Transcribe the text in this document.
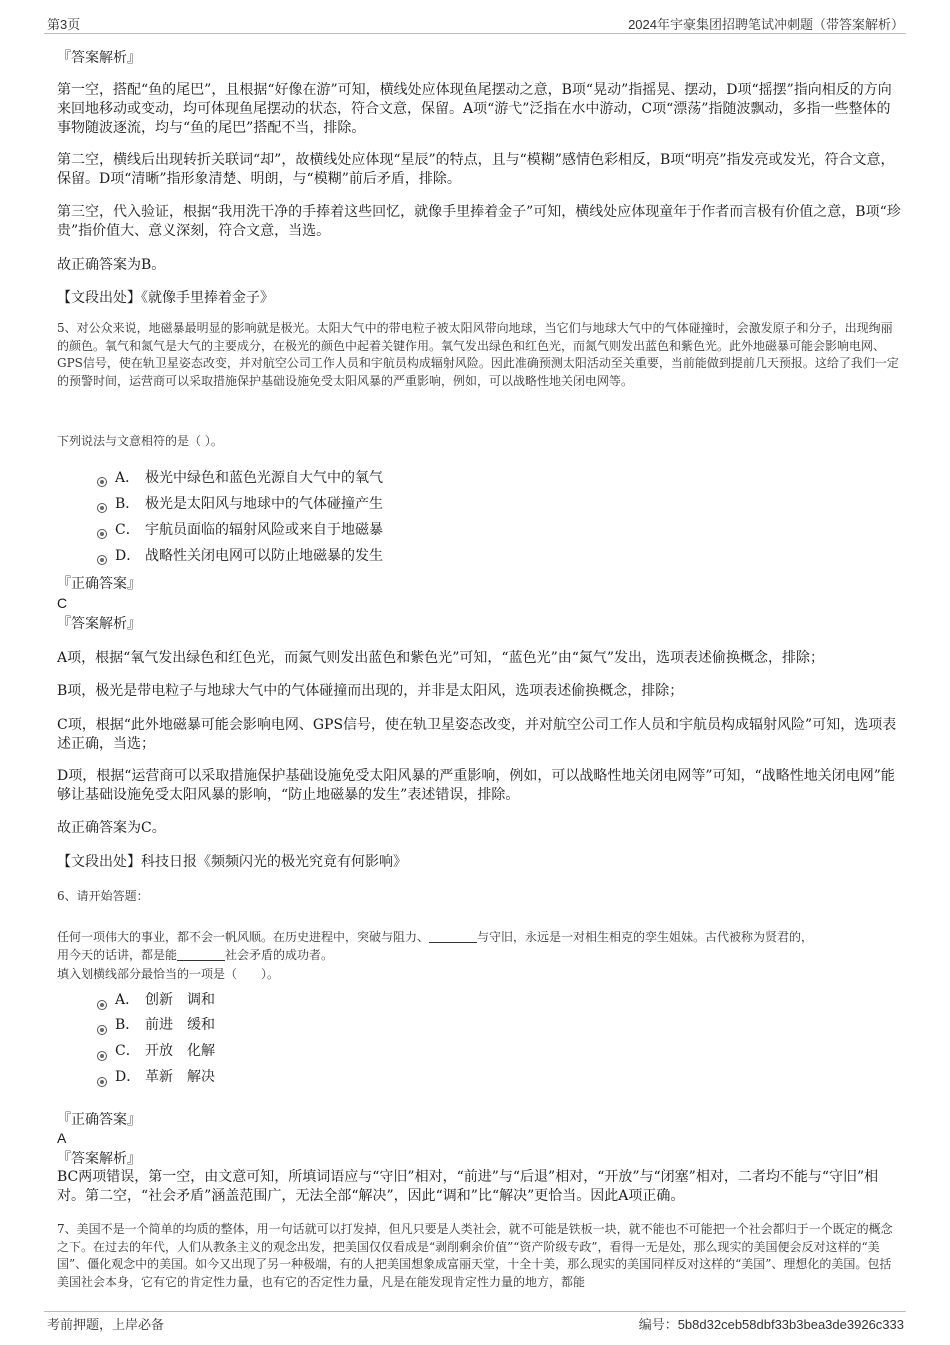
第3页	2024年宇豪集团招聘笔试冲刺题（带答案解析）
『答案解析』
第一空，搭配“鱼的尾巴”，且根据“好像在游”可知，横线处应体现鱼尾摆动之意，B项“晃动”指摇晃、摆动，D项“摇摆”指向相反的方向来回地移动或变动，均可体现鱼尾摆动的状态，符合文意，保留。A项“游弋”泛指在水中游动，C项“漂荡”指随波飘动，多指一些整体的事物随波逐流，均与“鱼的尾巴”搭配不当，排除。
第二空，横线后出现转折关联词“却”，故横线处应体现“星辰”的特点，且与“模糊”感情色彩相反，B项“明亮”指发亮或发光，符合文意，保留。D项“清晰”指形象清楚、明朗，与“模糊”前后矛盾，排除。
第三空，代入验证，根据“我用洗干净的手捧着这些回忆，就像手里捧着金子”可知，横线处应体现童年于作者而言极有价值之意，B项“珍贵”指价值大、意义深刻，符合文意，当选。
故正确答案为B。
【文段出处】《就像手里捧着金子》
5、对公众来说，地磁暴最明显的影响就是极光。太阳大气中的带电粒子被太阳风带向地球，当它们与地球大气中的气体碰撞时，会激发原子和分子，出现绚丽的颜色。氧气和氮气是大气的主要成分，在极光的颜色中起着关键作用。氧气发出绿色和红色光，而氮气则发出蓝色和紫色光。此外地磁暴可能会影响电网、GPS信号，使在轨卫星姿态改变，并对航空公司工作人员和宇航员构成辐射风险。因此准确预测太阳活动至关重要，当前能做到提前几天预报。这给了我们一定的预警时间，运营商可以采取措施保护基础设施免受太阳风暴的严重影响，例如，可以战略性地关闭电网等。
下列说法与文意相符的是（ ）。
A． 极光中绿色和蓝色光源自大气中的氧气
B． 极光是太阳风与地球中的气体碰撞产生
C． 宇航员面临的辐射风险或来自于地磁暴
D． 战略性关闭电网可以防止地磁暴的发生
『正确答案』
C
『答案解析』
A项，根据“氧气发出绿色和红色光，而氮气则发出蓝色和紫色光”可知，“蓝色光”由“氮气”发出，选项表述偷换概念，排除；
B项，极光是带电粒子与地球大气中的气体碰撞而出现的，并非是太阳风，选项表述偷换概念，排除；
C项，根据“此外地磁暴可能会影响电网、GPS信号，使在轨卫星姿态改变，并对航空公司工作人员和宇航员构成辐射风险”可知，选项表述正确，当选；
D项，根据“运营商可以采取措施保护基础设施免受太阳风暴的严重影响，例如，可以战略性地关闭电网等”可知，“战略性地关闭电网”能够让基础设施免受太阳风暴的影响，“防止地磁暴的发生”表述错误，排除。
故正确答案为C。
【文段出处】科技日报《频频闪光的极光究竟有何影响》
6、请开始答题：
任何一项伟大的事业，都不会一帆风顺。在历史进程中，突破与阻力、	与守旧，永远是一对相生相克的孪生姐妹。古代被称为贤君的，
用今天的话讲，都是能	社会矛盾的成功者。
填入划横线部分最恰当的一项是（　　）。
A． 创新　调和
B． 前进　缓和
C． 开放　化解
D． 革新　解决
『正确答案』
A
『答案解析』
BC两项错误，第一空，由文意可知，所填词语应与“守旧”相对，“前进”与“后退”相对，“开放”与“闭塞”相对，二者均不能与“守旧”相对。第二空，“社会矛盾”涵盖范围广，无法全部“解决”，因此“调和”比“解决”更恰当。因此A项正确。
7、美国不是一个简单的均质的整体，用一句话就可以打发掉，但凡只要是人类社会，就不可能是铁板一块，就不能也不可能把一个社会都归于一个既定的概念之下。在过去的年代，人们从教条主义的观念出发，把美国仅仅看成是“剥削剩余价值”“资产阶级专政”，看得一无是处，那么现实的美国便会反对这样的“美国”、僵化观念中的美国。如今又出现了另一种极端，有的人把美国想象成富丽天堂，十全十美，那么现实的美国同样反对这样的“美国”、理想化的美国。包括美国社会本身，它有它的肯定性力量，也有它的否定性力量，凡是在能发现肯定性力量的地方，都能
考前押题，上岸必备	编号：5b8d32ceb58dbf33b3bea3de3926c333
